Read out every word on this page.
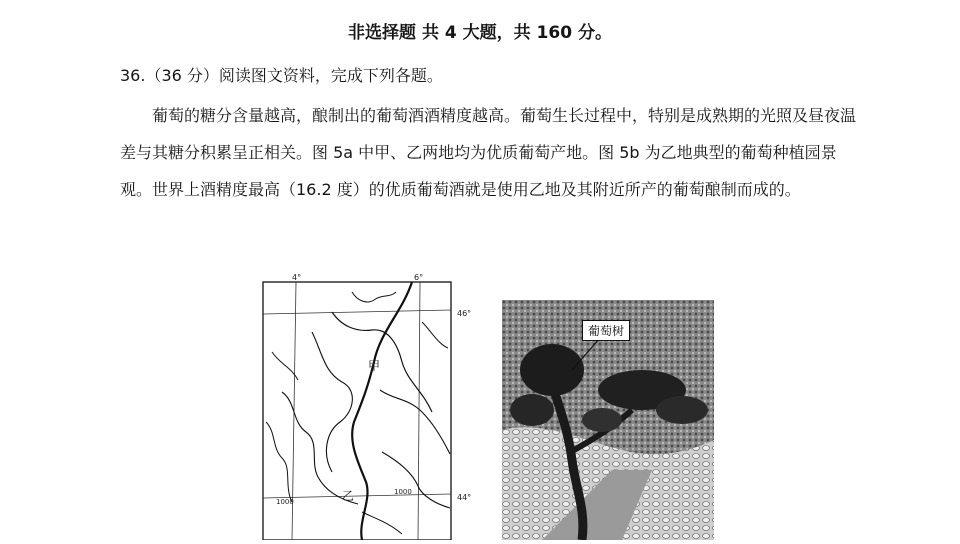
非选择题 共 4 大题，共 160 分。
36.（36 分）阅读图文资料，完成下列各题。
葡萄的糖分含量越高，酿制出的葡萄酒酒精度越高。葡萄生长过程中，特别是成熟期的光照及昼夜温差与其糖分积累呈正相关。图 5a 中甲、乙两地均为优质葡萄产地。图 5b 为乙地典型的葡萄种植园景观。世界上酒精度最高（16.2 度）的优质葡萄酒就是使用乙地及其附近所产的葡萄酿制而成的。
4°	6°
46°
44°
甲
乙	1000
1000
葡萄树
